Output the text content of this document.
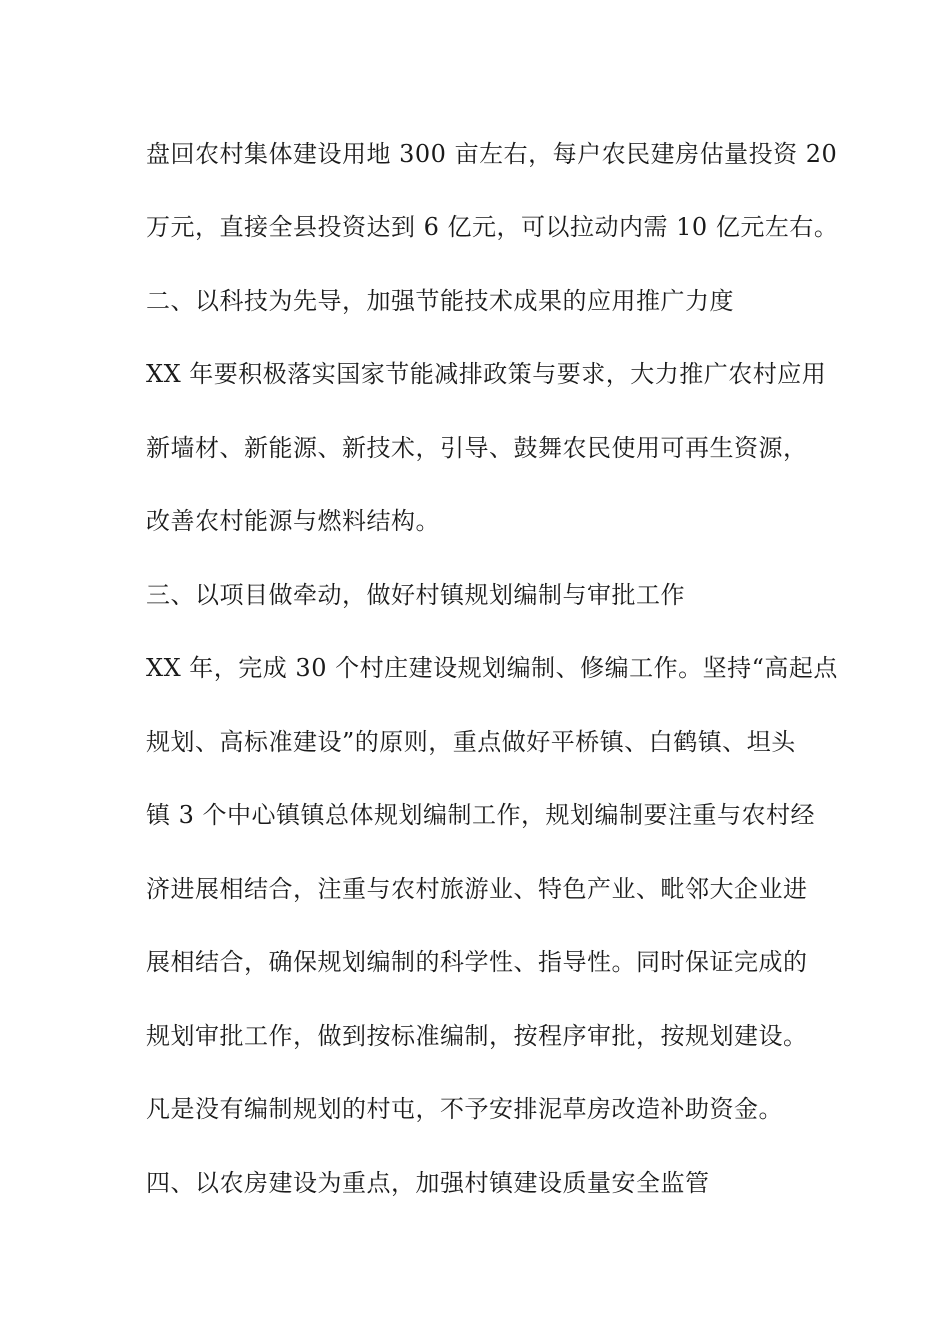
盘回农村集体建设用地 300 亩左右，每户农民建房估量投资 20
万元，直接全县投资达到 6 亿元，可以拉动内需 10 亿元左右。
二、以科技为先导，加强节能技术成果的应用推广力度
XX 年要积极落实国家节能减排政策与要求，大力推广农村应用
新墙材、新能源、新技术，引导、鼓舞农民使用可再生资源，
改善农村能源与燃料结构。
三、以项目做牵动，做好村镇规划编制与审批工作
XX 年，完成 30 个村庄建设规划编制、修编工作。坚持“高起点
规划、高标准建设”的原则，重点做好平桥镇、白鹤镇、坦头
镇 3 个中心镇镇总体规划编制工作，规划编制要注重与农村经
济进展相结合，注重与农村旅游业、特色产业、毗邻大企业进
展相结合，确保规划编制的科学性、指导性。同时保证完成的
规划审批工作，做到按标准编制，按程序审批，按规划建设。
凡是没有编制规划的村屯，不予安排泥草房改造补助资金。
四、以农房建设为重点，加强村镇建设质量安全监管
